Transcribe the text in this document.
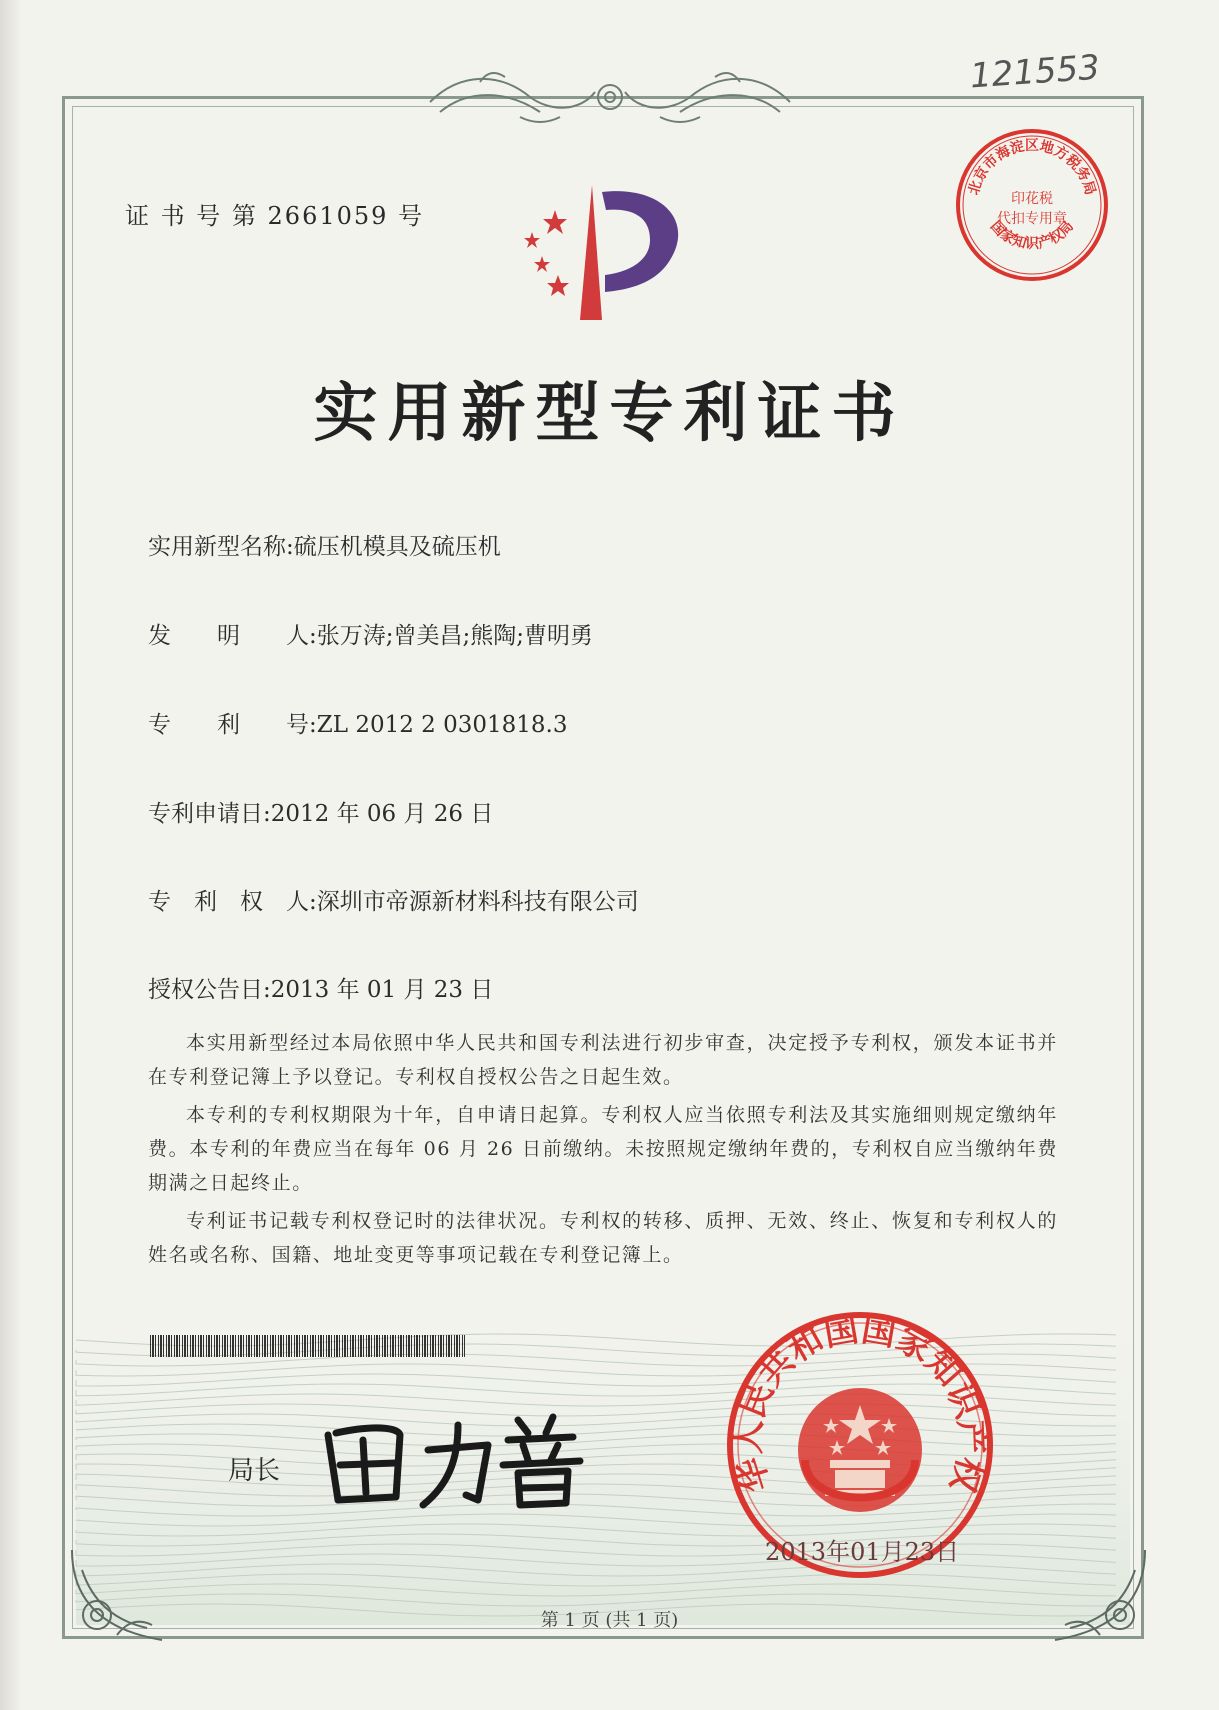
121553
证 书 号 第 2661059 号
北京市海淀区地方税务局
印花税
代扣专用章
国家知识产权局
实用新型专利证书
实用新型名称:硫压机模具及硫压机
发　　明　　人:张万涛;曾美昌;熊陶;曹明勇
专　　利　　号:ZL 2012 2 0301818.3
专利申请日:2012 年 06 月 26 日
专　利　权　人:深圳市帝源新材料科技有限公司
授权公告日:2013 年 01 月 23 日
本实用新型经过本局依照中华人民共和国专利法进行初步审查，决定授予专利权，颁发本证书并在专利登记簿上予以登记。专利权自授权公告之日起生效。
本专利的专利权期限为十年，自申请日起算。专利权人应当依照专利法及其实施细则规定缴纳年费。本专利的年费应当在每年 06 月 26 日前缴纳。未按照规定缴纳年费的，专利权自应当缴纳年费期满之日起终止。
专利证书记载专利权登记时的法律状况。专利权的转移、质押、无效、终止、恢复和专利权人的姓名或名称、国籍、地址变更等事项记载在专利登记簿上。
局长
中华人民共和国国家知识产权局
2013年01月23日
第 1 页 (共 1 页)
